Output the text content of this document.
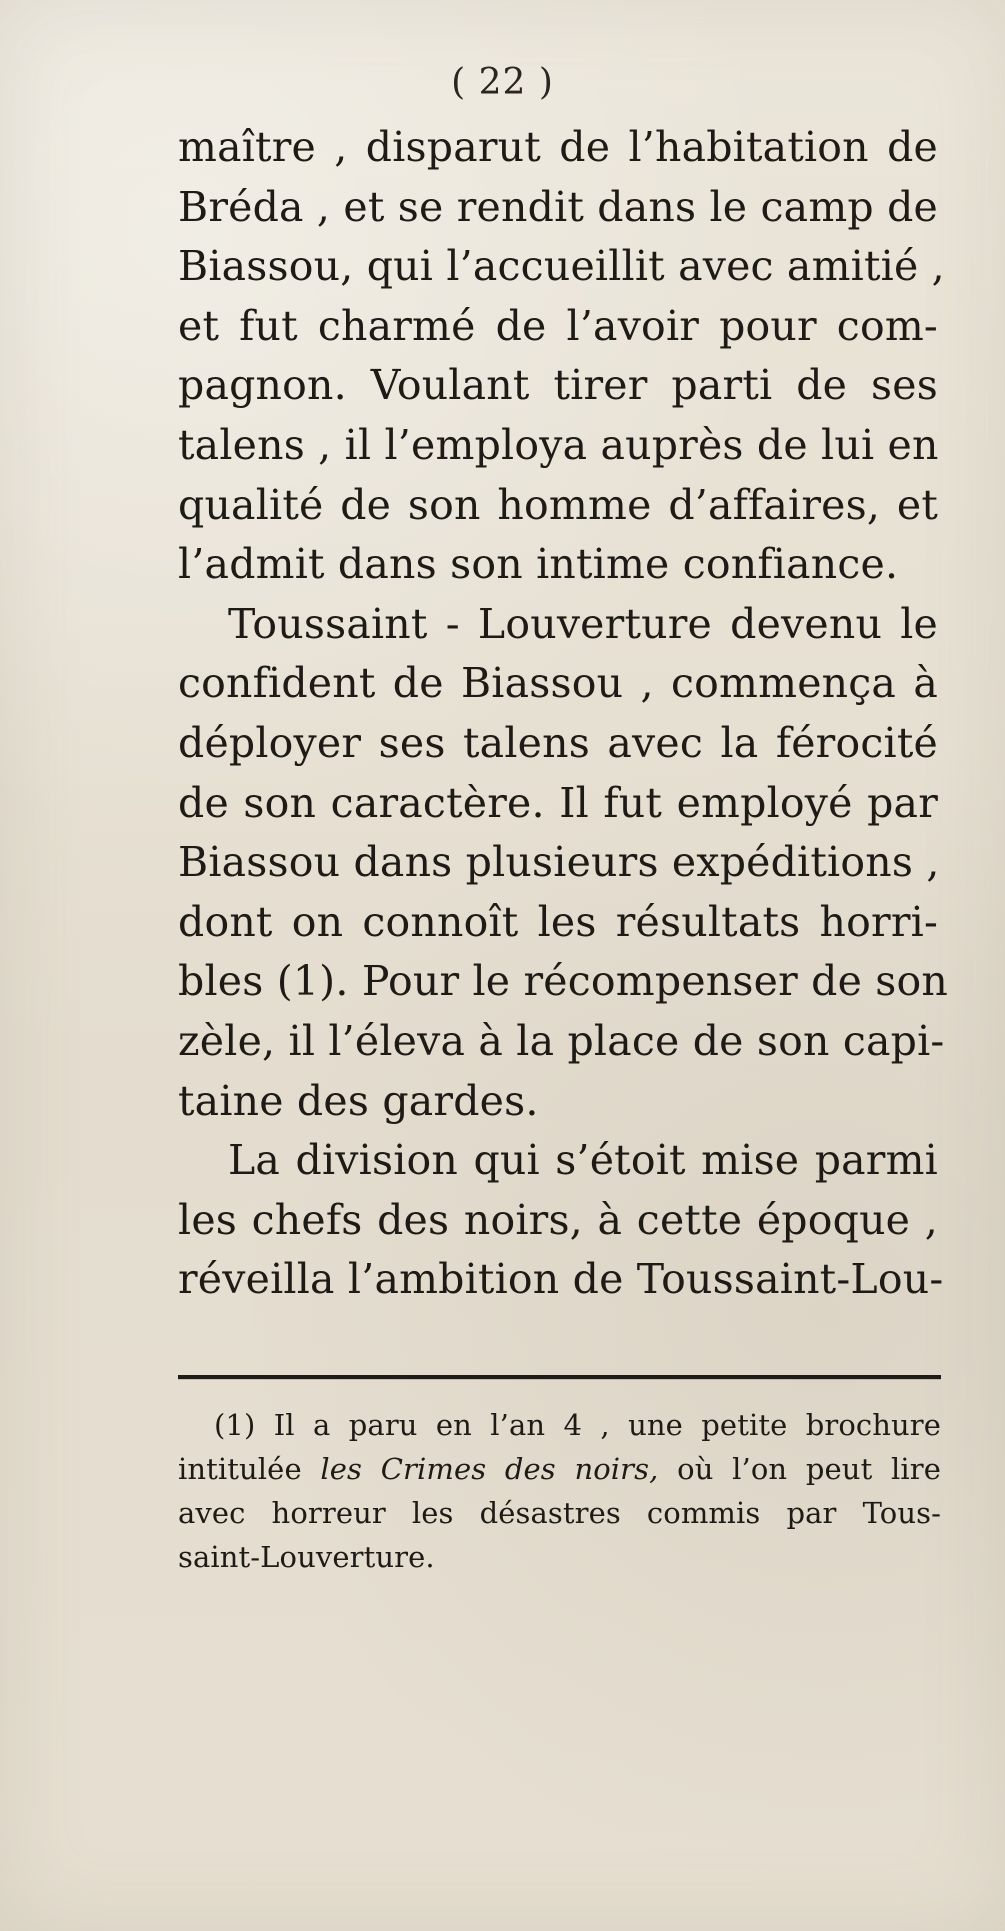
( 22 )
maître , disparut de l’habitation de
Bréda , et se rendit dans le camp de
Biassou, qui l’accueillit avec amitié ,
et fut charmé de l’avoir pour com-
pagnon. Voulant tirer parti de ses
talens , il l’employa auprès de lui en
qualité de son homme d’affaires, et
l’admit dans son intime confiance.
Toussaint - Louverture devenu le
confident de Biassou , commença à
déployer ses talens avec la férocité
de son caractère. Il fut employé par
Biassou dans plusieurs expéditions ,
dont on connoît les résultats horri-
bles (1). Pour le récompenser de son
zèle, il l’éleva à la place de son capi-
taine des gardes.
La division qui s’étoit mise parmi
les chefs des noirs, à cette époque ,
réveilla l’ambition de Toussaint-Lou-
(1) Il a paru en l’an 4 , une petite brochure
intitulée les Crimes des noirs, où l’on peut lire
avec horreur les désastres commis par Tous-
saint-Louverture.
